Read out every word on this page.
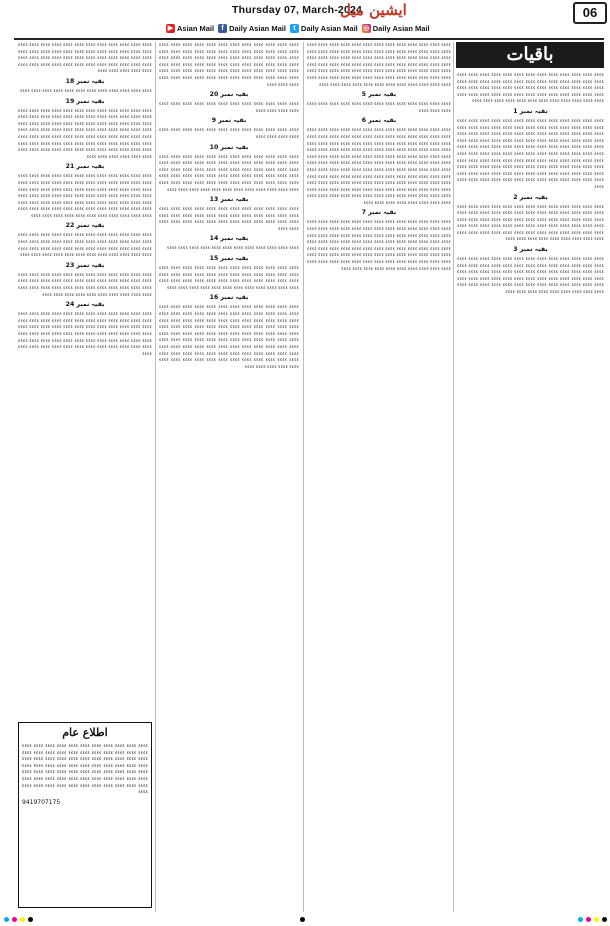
Thursday 07, March-2024
ایشین میل	06
▶ Asian Mail	f Daily Asian Mail	t Daily Asian Mail ◎ Daily Asian Mail
باقیات
ءءءء ءءءء ءءءء ءءءء ءءءء ءءءء ءءءء ءءءء ءءءء ءءءء ءءءء ءءءء ءءءء ءءءء ءءءء ءءءء ءءءء ءءءء ءءءء ءءءء ءءءء ءءءء ءءءء ءءءء ءءءء ءءءء ءءءء ءءءء ءءءء ءءءء ءءءء ءءءء ءءءء ءءءء ءءءء ءءءء ءءءء ءءءء ءءءء ءءءء ءءءء ءءءء ءءءء ءءءء ءءءء ءءءء ءءءء ءءءء ءءءء ءءءء ءءءء ءءءء ءءءء
بقیہ نمبر 18
ءءءء ءءءء ءءءء ءءءء ءءءء ءءءء ءءءء ءءءء ءءءء ءءءء ءءءء ءءءء
بقیہ نمبر 19
ءءءء ءءءء ءءءء ءءءء ءءءء ءءءء ءءءء ءءءء ءءءء ءءءء ءءءء ءءءء ءءءء ءءءء ءءءء ءءءء ءءءء ءءءء ءءءء ءءءء ءءءء ءءءء ءءءء ءءءء ءءءء ءءءء ءءءء ءءءء ءءءء ءءءء ءءءء ءءءء ءءءء ءءءء ءءءء ءءءء ءءءء ءءءء ءءءء ءءءء ءءءء ءءءء ءءءء ءءءء ءءءء ءءءء ءءءء ءءءء ءءءء ءءءء ءءءء ءءءء ءءءء ءءءء ءءءء ءءءء ءءءء ءءءء ءءءء ءءءء ءءءء ءءءء ءءءء ءءءء ءءءء ءءءء ءءءء ءءءء ءءءء ءءءء ءءءء ءءءء ءءءء ءءءء ءءءء ءءءء ءءءء ءءءء ءءءء ءءءء ءءءء ءءءء ءءءء ءءءء ءءءء ءءءء ءءءء ءءءء ءءءء ءءءء
بقیہ نمبر 21
ءءءء ءءءء ءءءء ءءءء ءءءء ءءءء ءءءء ءءءء ءءءء ءءءء ءءءء ءءءء ءءءء ءءءء ءءءء ءءءء ءءءء ءءءء ءءءء ءءءء ءءءء ءءءء ءءءء ءءءء ءءءء ءءءء ءءءء ءءءء ءءءء ءءءء ءءءء ءءءء ءءءء ءءءء ءءءء ءءءء ءءءء ءءءء ءءءء ءءءء ءءءء ءءءء ءءءء ءءءء ءءءء ءءءء ءءءء ءءءء ءءءء ءءءء ءءءء ءءءء ءءءء ءءءء ءءءء ءءءء ءءءء ءءءء ءءءء ءءءء ءءءء ءءءء ءءءء ءءءء ءءءء ءءءء ءءءء ءءءء ءءءء ءءءء ءءءء ءءءء ءءءء ءءءء ءءءء ءءءء ءءءء ءءءء ءءءء ءءءء ءءءء ءءءء ءءءء
بقیہ نمبر 22
ءءءء ءءءء ءءءء ءءءء ءءءء ءءءء ءءءء ءءءء ءءءء ءءءء ءءءء ءءءء ءءءء ءءءء ءءءء ءءءء ءءءء ءءءء ءءءء ءءءء ءءءء ءءءء ءءءء ءءءء ءءءء ءءءء ءءءء ءءءء ءءءء ءءءء ءءءء ءءءء ءءءء ءءءء ءءءء ءءءء ءءءء ءءءء ءءءء ءءءء ءءءء ءءءء ءءءء ءءءء ءءءء ءءءء ءءءء ءءءء
بقیہ نمبر 23
ءءءء ءءءء ءءءء ءءءء ءءءء ءءءء ءءءء ءءءء ءءءء ءءءء ءءءء ءءءء ءءءء ءءءء ءءءء ءءءء ءءءء ءءءء ءءءء ءءءء ءءءء ءءءء ءءءء ءءءء ءءءء ءءءء ءءءء ءءءء ءءءء ءءءء ءءءء ءءءء ءءءء ءءءء ءءءء ءءءء ءءءء ءءءء ءءءء ءءءء ءءءء ءءءء ءءءء ءءءء ءءءء ءءءء
بقیہ نمبر 24
ءءءء ءءءء ءءءء ءءءء ءءءء ءءءء ءءءء ءءءء ءءءء ءءءء ءءءء ءءءء ءءءء ءءءء ءءءء ءءءء ءءءء ءءءء ءءءء ءءءء ءءءء ءءءء ءءءء ءءءء ءءءء ءءءء ءءءء ءءءء ءءءء ءءءء ءءءء ءءءء ءءءء ءءءء ءءءء ءءءء ءءءء ءءءء ءءءء ءءءء ءءءء ءءءء ءءءء ءءءء ءءءء ءءءء ءءءء ءءءء ءءءء ءءءء ءءءء ءءءء ءءءء ءءءء ءءءء ءءءء ءءءء ءءءء ءءءء ءءءء ءءءء ءءءء ءءءء ءءءء ءءءء ءءءء ءءءء ءءءء ءءءء ءءءء ءءءء ءءءء ءءءء
اطلاع عام
ءءءء ءءءء ءءءء ءءءء ءءءء ءءءء ءءءء ءءءء ءءءء ءءءء ءءءء ءءءء ءءءء ءءءء ءءءء ءءءء ءءءء ءءءء ءءءء ءءءء ءءءء ءءءء ءءءء ءءءء ءءءء ءءءء ءءءء ءءءء ءءءء ءءءء ءءءء ءءءء ءءءء ءءءء ءءءء ءءءء ءءءء ءءءء ءءءء ءءءء ءءءء ءءءء ءءءء ءءءء ءءءء ءءءء ءءءء ءءءء ءءءء ءءءء ءءءء ءءءء ءءءء ءءءء ءءءء ءءءء ءءءء ءءءء ءءءء ءءءء ءءءء ءءءء ءءءء ءءءء ءءءء ءءءء ءءءء ءءءء ءءءء ءءءء ءءءء ءءءء ءءءء ءءءء ءءءء ءءءء ءءءء ءءءء
9419707175
ءءءء ءءءء ءءءء ءءءء ءءءء ءءءء ءءءء ءءءء ءءءء ءءءء ءءءء ءءءء ءءءء ءءءء ءءءء ءءءء ءءءء ءءءء ءءءء ءءءء ءءءء ءءءء ءءءء ءءءء ءءءء ءءءء ءءءء ءءءء ءءءء ءءءء ءءءء ءءءء ءءءء ءءءء ءءءء ءءءء ءءءء ءءءء ءءءء ءءءء ءءءء ءءءء ءءءء ءءءء ءءءء ءءءء ءءءء ءءءء ءءءء ءءءء ءءءء ءءءء ءءءء ءءءء ءءءء ءءءء ءءءء ءءءء ءءءء ءءءء ءءءء ءءءء ءءءء ءءءء ءءءء ءءءء ءءءء ءءءء ءءءء ءءءء ءءءء ءءءء ءءءء ءءءء ءءءء
بقیہ نمبر 20
ءءءء ءءءء ءءءء ءءءء ءءءء ءءءء ءءءء ءءءء ءءءء ءءءء ءءءء ءءءء ءءءء ءءءء ءءءء ءءءء
بقیہ نمبر 9
ءءءء ءءءء ءءءء ءءءء ءءءء ءءءء ءءءء ءءءء ءءءء ءءءء ءءءء ءءءء ءءءء ءءءء ءءءء ءءءء
بقیہ نمبر 10
ءءءء ءءءء ءءءء ءءءء ءءءء ءءءء ءءءء ءءءء ءءءء ءءءء ءءءء ءءءء ءءءء ءءءء ءءءء ءءءء ءءءء ءءءء ءءءء ءءءء ءءءء ءءءء ءءءء ءءءء ءءءء ءءءء ءءءء ءءءء ءءءء ءءءء ءءءء ءءءء ءءءء ءءءء ءءءء ءءءء ءءءء ءءءء ءءءء ءءءء ءءءء ءءءء ءءءء ءءءء ءءءء ءءءء ءءءء ءءءء ءءءء ءءءء ءءءء ءءءء ءءءء ءءءء ءءءء ءءءء ءءءء ءءءء ءءءء ءءءء ءءءء ءءءء ءءءء ءءءء ءءءء ءءءء ءءءء ءءءء ءءءء ءءءء ءءءء ءءءء
بقیہ نمبر 13
ءءءء ءءءء ءءءء ءءءء ءءءء ءءءء ءءءء ءءءء ءءءء ءءءء ءءءء ءءءء ءءءء ءءءء ءءءء ءءءء ءءءء ءءءء ءءءء ءءءء ءءءء ءءءء ءءءء ءءءء ءءءء ءءءء ءءءء ءءءء ءءءء ءءءء ءءءء ءءءء ءءءء ءءءء ءءءء ءءءء ءءءء ءءءء
بقیہ نمبر 14
ءءءء ءءءء ءءءء ءءءء ءءءء ءءءء ءءءء ءءءء ءءءء ءءءء ءءءء ءءءء
بقیہ نمبر 15
ءءءء ءءءء ءءءء ءءءء ءءءء ءءءء ءءءء ءءءء ءءءء ءءءء ءءءء ءءءء ءءءء ءءءء ءءءء ءءءء ءءءء ءءءء ءءءء ءءءء ءءءء ءءءء ءءءء ءءءء ءءءء ءءءء ءءءء ءءءء ءءءء ءءءء ءءءء ءءءء ءءءء ءءءء ءءءء ءءءء ءءءء ءءءء ءءءء ءءءء ءءءء ءءءء ءءءء ءءءء ءءءء ءءءء ءءءء ءءءء
بقیہ نمبر 16
ءءءء ءءءء ءءءء ءءءء ءءءء ءءءء ءءءء ءءءء ءءءء ءءءء ءءءء ءءءء ءءءء ءءءء ءءءء ءءءء ءءءء ءءءء ءءءء ءءءء ءءءء ءءءء ءءءء ءءءء ءءءء ءءءء ءءءء ءءءء ءءءء ءءءء ءءءء ءءءء ءءءء ءءءء ءءءء ءءءء ءءءء ءءءء ءءءء ءءءء ءءءء ءءءء ءءءء ءءءء ءءءء ءءءء ءءءء ءءءء ءءءء ءءءء ءءءء ءءءء ءءءء ءءءء ءءءء ءءءء ءءءء ءءءء ءءءء ءءءء ءءءء ءءءء ءءءء ءءءء ءءءء ءءءء ءءءء ءءءء ءءءء ءءءء ءءءء ءءءء ءءءء ءءءء ءءءء ءءءء ءءءء ءءءء ءءءء ءءءء ءءءء ءءءء ءءءء ءءءء ءءءء ءءءء ءءءء ءءءء ءءءء ءءءء ءءءء ءءءء ءءءء ءءءء ءءءء ءءءء ءءءء ءءءء ءءءء ءءءء ءءءء ءءءء ءءءء ءءءء ءءءء ءءءء ءءءء ءءءء ءءءء ءءءء ءءءء ءءءء ءءءء
ءءءء ءءءء ءءءء ءءءء ءءءء ءءءء ءءءء ءءءء ءءءء ءءءء ءءءء ءءءء ءءءء ءءءء ءءءء ءءءء ءءءء ءءءء ءءءء ءءءء ءءءء ءءءء ءءءء ءءءء ءءءء ءءءء ءءءء ءءءء ءءءء ءءءء ءءءء ءءءء ءءءء ءءءء ءءءء ءءءء ءءءء ءءءء ءءءء ءءءء ءءءء ءءءء ءءءء ءءءء ءءءء ءءءء ءءءء ءءءء ءءءء ءءءء ءءءء ءءءء ءءءء ءءءء ءءءء ءءءء ءءءء ءءءء ءءءء ءءءء ءءءء ءءءء ءءءء ءءءء ءءءء ءءءء ءءءء ءءءء ءءءء ءءءء ءءءء ءءءء ءءءء ءءءء ءءءء ءءءء ءءءء ءءءء ءءءء ءءءء ءءءء ءءءء ءءءء ءءءء ءءءء ءءءء ءءءء ءءءء ءءءء ءءءء
بقیہ نمبر 5
ءءءء ءءءء ءءءء ءءءء ءءءء ءءءء ءءءء ءءءء ءءءء ءءءء ءءءء ءءءء ءءءء ءءءء ءءءء ءءءء
بقیہ نمبر 6
ءءءء ءءءء ءءءء ءءءء ءءءء ءءءء ءءءء ءءءء ءءءء ءءءء ءءءء ءءءء ءءءء ءءءء ءءءء ءءءء ءءءء ءءءء ءءءء ءءءء ءءءء ءءءء ءءءء ءءءء ءءءء ءءءء ءءءء ءءءء ءءءء ءءءء ءءءء ءءءء ءءءء ءءءء ءءءء ءءءء ءءءء ءءءء ءءءء ءءءء ءءءء ءءءء ءءءء ءءءء ءءءء ءءءء ءءءء ءءءء ءءءء ءءءء ءءءء ءءءء ءءءء ءءءء ءءءء ءءءء ءءءء ءءءء ءءءء ءءءء ءءءء ءءءء ءءءء ءءءء ءءءء ءءءء ءءءء ءءءء ءءءء ءءءء ءءءء ءءءء ءءءء ءءءء ءءءء ءءءء ءءءء ءءءء ءءءء ءءءء ءءءء ءءءء ءءءء ءءءء ءءءء ءءءء ءءءء ءءءء ءءءء ءءءء ءءءء ءءءء ءءءء ءءءء ءءءء ءءءء ءءءء ءءءء ءءءء ءءءء ءءءء ءءءء ءءءء ءءءء ءءءء ءءءء ءءءء ءءءء ءءءء ءءءء ءءءء ءءءء ءءءء ءءءء ءءءء ءءءء ءءءء ءءءء ءءءء ءءءء ءءءء ءءءء ءءءء ءءءء ءءءء ءءءء ءءءء ءءءء ءءءء ءءءء ءءءء ءءءء ءءءء ءءءء ءءءء ءءءء ءءءء ءءءء ءءءء ءءءء ءءءء ءءءء ءءءء ءءءء ءءءء ءءءء ءءءء ءءءء ءءءء ءءءء ءءءء
بقیہ نمبر 7
ءءءء ءءءء ءءءء ءءءء ءءءء ءءءء ءءءء ءءءء ءءءء ءءءء ءءءء ءءءء ءءءء ءءءء ءءءء ءءءء ءءءء ءءءء ءءءء ءءءء ءءءء ءءءء ءءءء ءءءء ءءءء ءءءء ءءءء ءءءء ءءءء ءءءء ءءءء ءءءء ءءءء ءءءء ءءءء ءءءء ءءءء ءءءء ءءءء ءءءء ءءءء ءءءء ءءءء ءءءء ءءءء ءءءء ءءءء ءءءء ءءءء ءءءء ءءءء ءءءء ءءءء ءءءء ءءءء ءءءء ءءءء ءءءء ءءءء ءءءء ءءءء ءءءء ءءءء ءءءء ءءءء ءءءء ءءءء ءءءء ءءءء ءءءء ءءءء ءءءء ءءءء ءءءء ءءءء ءءءء ءءءء ءءءء ءءءء ءءءء ءءءء ءءءء ءءءء ءءءء ءءءء ءءءء ءءءء ءءءء ءءءء ءءءء ءءءء ءءءء ءءءء ءءءء ءءءء ءءءء ءءءء ءءءء ءءءء ءءءء ءءءء
ءءءء ءءءء ءءءء ءءءء ءءءء ءءءء ءءءء ءءءء ءءءء ءءءء ءءءء ءءءء ءءءء ءءءء ءءءء ءءءء ءءءء ءءءء ءءءء ءءءء ءءءء ءءءء ءءءء ءءءء ءءءء ءءءء ءءءء ءءءء ءءءء ءءءء ءءءء ءءءء ءءءء ءءءء ءءءء ءءءء ءءءء ءءءء ءءءء ءءءء ءءءء ءءءء ءءءء ءءءء ءءءء ءءءء ءءءء ءءءء ءءءء ءءءء ءءءء ءءءء ءءءء ءءءء ءءءء ءءءء ءءءء ءءءء ءءءء ءءءء ءءءء ءءءء ءءءء ءءءء
بقیہ نمبر 1
ءءءء ءءءء ءءءء ءءءء ءءءء ءءءء ءءءء ءءءء ءءءء ءءءء ءءءء ءءءء ءءءء ءءءء ءءءء ءءءء ءءءء ءءءء ءءءء ءءءء ءءءء ءءءء ءءءء ءءءء ءءءء ءءءء ءءءء ءءءء ءءءء ءءءء ءءءء ءءءء ءءءء ءءءء ءءءء ءءءء ءءءء ءءءء ءءءء ءءءء ءءءء ءءءء ءءءء ءءءء ءءءء ءءءء ءءءء ءءءء ءءءء ءءءء ءءءء ءءءء ءءءء ءءءء ءءءء ءءءء ءءءء ءءءء ءءءء ءءءء ءءءء ءءءء ءءءء ءءءء ءءءء ءءءء ءءءء ءءءء ءءءء ءءءء ءءءء ءءءء ءءءء ءءءء ءءءء ءءءء ءءءء ءءءء ءءءء ءءءء ءءءء ءءءء ءءءء ءءءء ءءءء ءءءء ءءءء ءءءء ءءءء ءءءء ءءءء ءءءء ءءءء ءءءء ءءءء ءءءء ءءءء ءءءء ءءءء ءءءء ءءءء ءءءء ءءءء ءءءء ءءءء ءءءء ءءءء ءءءء ءءءء ءءءء ءءءء ءءءء ءءءء ءءءء ءءءء ءءءء ءءءء ءءءء ءءءء ءءءء ءءءء ءءءء ءءءء ءءءء ءءءء ءءءء ءءءء ءءءء ءءءء ءءءء ءءءء
بقیہ نمبر 2
ءءءء ءءءء ءءءء ءءءء ءءءء ءءءء ءءءء ءءءء ءءءء ءءءء ءءءء ءءءء ءءءء ءءءء ءءءء ءءءء ءءءء ءءءء ءءءء ءءءء ءءءء ءءءء ءءءء ءءءء ءءءء ءءءء ءءءء ءءءء ءءءء ءءءء ءءءء ءءءء ءءءء ءءءء ءءءء ءءءء ءءءء ءءءء ءءءء ءءءء ءءءء ءءءء ءءءء ءءءء ءءءء ءءءء ءءءء ءءءء ءءءء ءءءء ءءءء ءءءء ءءءء ءءءء ءءءء ءءءء ءءءء ءءءء ءءءء ءءءء ءءءء ءءءء ءءءء ءءءء ءءءء ءءءء ءءءء ءءءء ءءءء ءءءء ءءءء ءءءء ءءءء ءءءء
بقیہ نمبر 3
ءءءء ءءءء ءءءء ءءءء ءءءء ءءءء ءءءء ءءءء ءءءء ءءءء ءءءء ءءءء ءءءء ءءءء ءءءء ءءءء ءءءء ءءءء ءءءء ءءءء ءءءء ءءءء ءءءء ءءءء ءءءء ءءءء ءءءء ءءءء ءءءء ءءءء ءءءء ءءءء ءءءء ءءءء ءءءء ءءءء ءءءء ءءءء ءءءء ءءءء ءءءء ءءءء ءءءء ءءءء ءءءء ءءءء ءءءء ءءءء ءءءء ءءءء ءءءء ءءءء ءءءء ءءءء ءءءء ءءءء ءءءء ءءءء ءءءء ءءءء ءءءء ءءءء ءءءء ءءءء ءءءء ءءءء ءءءء ءءءء ءءءء ءءءء ءءءء ءءءء ءءءء ءءءء
